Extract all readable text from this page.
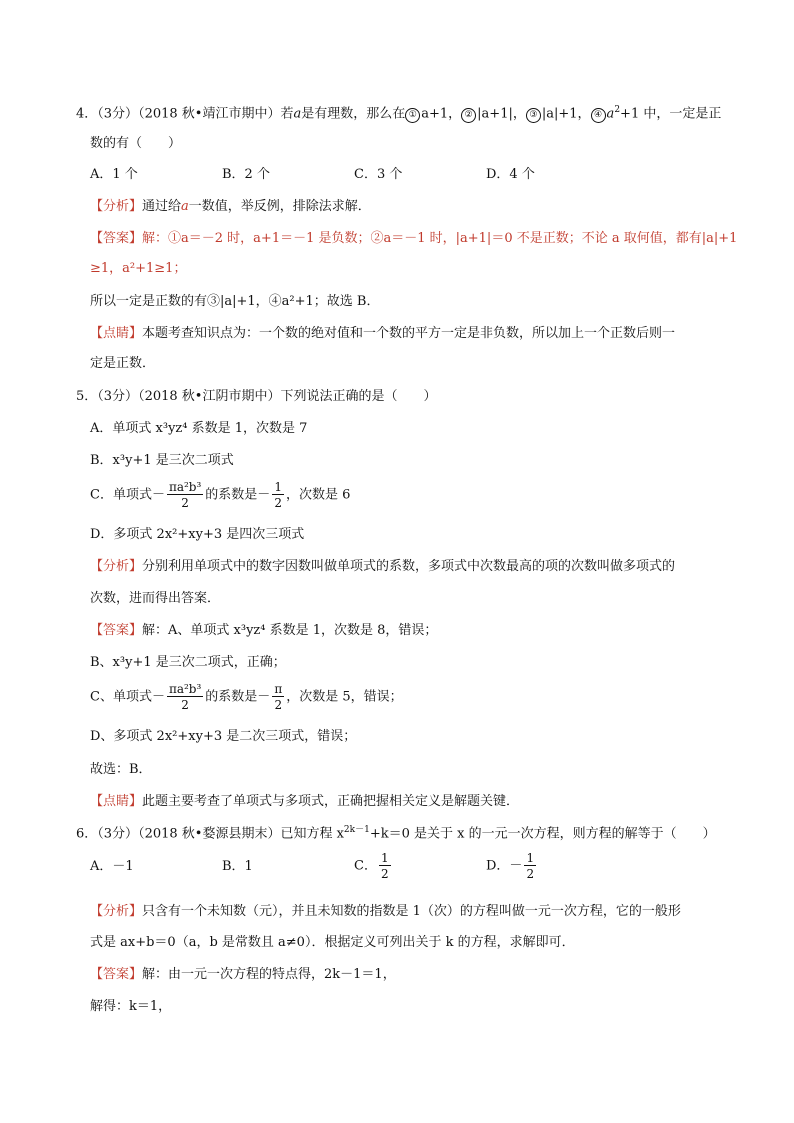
4．（3分）（2018 秋•靖江市期中）若a是有理数，那么在 ① a+1， ② |a+1|， ③ |a|+1， ④ $a^2+1$ 中，一定是正
数的有（　　）
A．1 个	B．2 个	C．3 个	D．4 个
【分析】通过给a一数值，举反例，排除法求解．
【答案】解：①a＝－2 时，a+1＝－1 是负数；②a＝－1 时，|a+1|＝0 不是正数；不论 a 取何值，都有|a|+1
≥1，a²+1≥1；
所以一定是正数的有③|a|+1，④a²+1；故选 B．
【点睛】本题考查知识点为：一个数的绝对值和一个数的平方一定是非负数，所以加上一个正数后则一
定是正数．
5．（3分）（2018 秋•江阴市期中）下列说法正确的是（　　）
A．单项式 x³yz⁴ 系数是 1，次数是 7
B．x³y+1 是三次二项式
C．单项式－ $\frac{\text{πa²b³}}{2}$ 的系数是－ $\frac{1}{2}$ ，次数是 6
D．多项式 2x²+xy+3 是四次三项式
【分析】分别利用单项式中的数字因数叫做单项式的系数，多项式中次数最高的项的次数叫做多项式的
次数，进而得出答案．
【答案】解：A、单项式 x³yz⁴ 系数是 1，次数是 8，错误；
B、x³y+1 是三次二项式，正确；
C、单项式－ $\frac{\text{πa²b³}}{2}$ 的系数是－ $\frac{\pi}{2}$ ，次数是 5，错误；
D、多项式 2x²+xy+3 是二次三项式，错误；
故选：B．
【点睛】此题主要考查了单项式与多项式，正确把握相关定义是解题关键．
6．（3分）（2018 秋•婺源县期末）已知方程 $x^{2k-1}+k=0$ 是关于 x 的一元一次方程，则方程的解等于（　　）
A．－1	B．1	C． $\frac{1}{2}$	D．－ $\frac{1}{2}$
【分析】只含有一个未知数（元），并且未知数的指数是 1（次）的方程叫做一元一次方程，它的一般形
式是 ax+b＝0（a，b 是常数且 a≠0）．根据定义可列出关于 k 的方程，求解即可．
【答案】解：由一元一次方程的特点得，2k－1＝1，
解得：k＝1，
